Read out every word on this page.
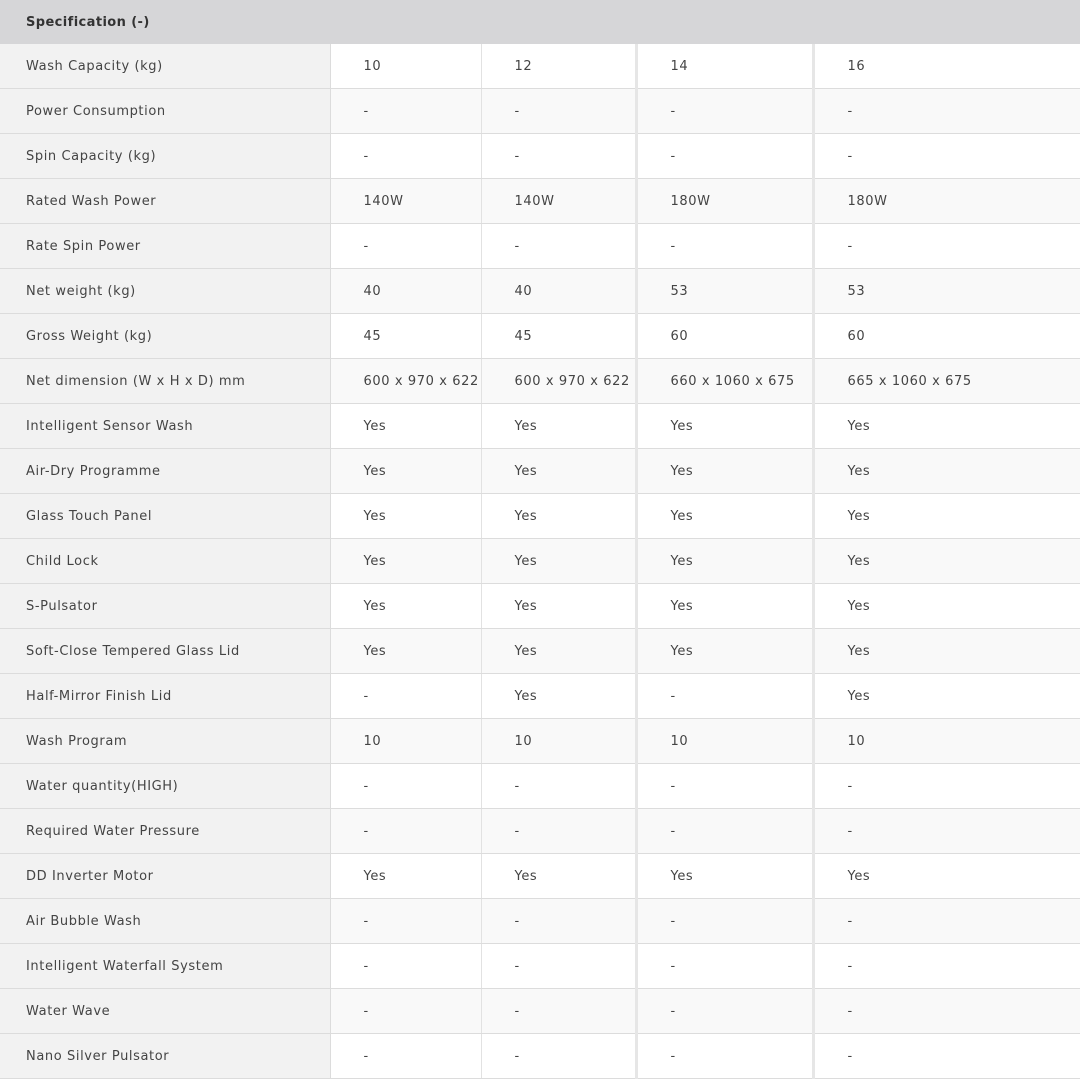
Specification (-)				
Wash Capacity (kg)	10	12	14	16
Power Consumption	-	-	-	-
Spin Capacity (kg)	-	-	-	-
Rated Wash Power	140W	140W	180W	180W
Rate Spin Power	-	-	-	-
Net weight (kg)	40	40	53	53
Gross Weight (kg)	45	45	60	60
Net dimension (W x H x D) mm	600 x 970 x 622	600 x 970 x 622	660 x 1060 x 675	665 x 1060 x 675
Intelligent Sensor Wash	Yes	Yes	Yes	Yes
Air-Dry Programme	Yes	Yes	Yes	Yes
Glass Touch Panel	Yes	Yes	Yes	Yes
Child Lock	Yes	Yes	Yes	Yes
S-Pulsator	Yes	Yes	Yes	Yes
Soft-Close Tempered Glass Lid	Yes	Yes	Yes	Yes
Half-Mirror Finish Lid	-	Yes	-	Yes
Wash Program	10	10	10	10
Water quantity(HIGH)	-	-	-	-
Required Water Pressure	-	-	-	-
DD Inverter Motor	Yes	Yes	Yes	Yes
Air Bubble Wash	-	-	-	-
Intelligent Waterfall System	-	-	-	-
Water Wave	-	-	-	-
Nano Silver Pulsator	-	-	-	-
